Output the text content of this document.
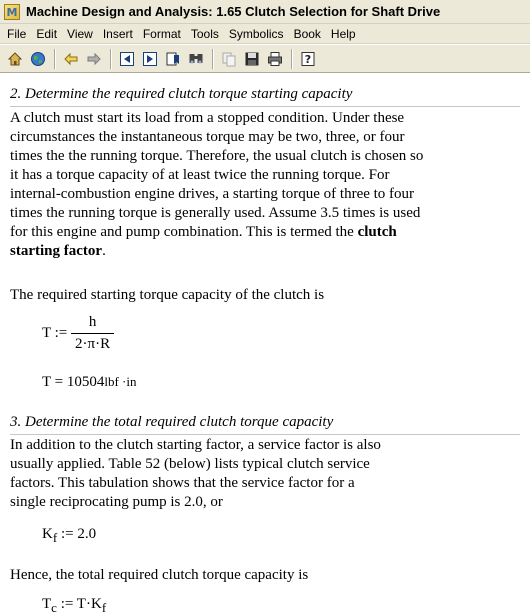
M Machine Design and Analysis: 1.65 Clutch Selection for Shaft Drive
File Edit View Insert Format Tools Symbolics Book Help
?
2. Determine the required clutch torque starting capacity
A clutch must start its load from a stopped condition. Under these
circumstances the instantaneous torque may be two, three, or four
times the the running torque. Therefore, the usual clutch is chosen so
it has a torque capacity of at least twice the running torque. For
internal-combustion engine drives, a starting torque of three to four
times the running torque is generally used. Assume 3.5 times is used
for this engine and pump combination. This is termed the clutch
starting factor.
The required starting torque capacity of the clutch is
T := $\frac{h}{2\cdot\pi\cdot R}$
T = 10504lbf ·in
3. Determine the total required clutch torque capacity
In addition to the clutch starting factor, a service factor is also
usually applied. Table 52 (below) lists typical clutch service
factors. This tabulation shows that the service factor for a
single reciprocating pump is 2.0, or
$K_f$ := 2.0
Hence, the total required clutch torque capacity is
$T_c$ := $T\cdot K_f$
